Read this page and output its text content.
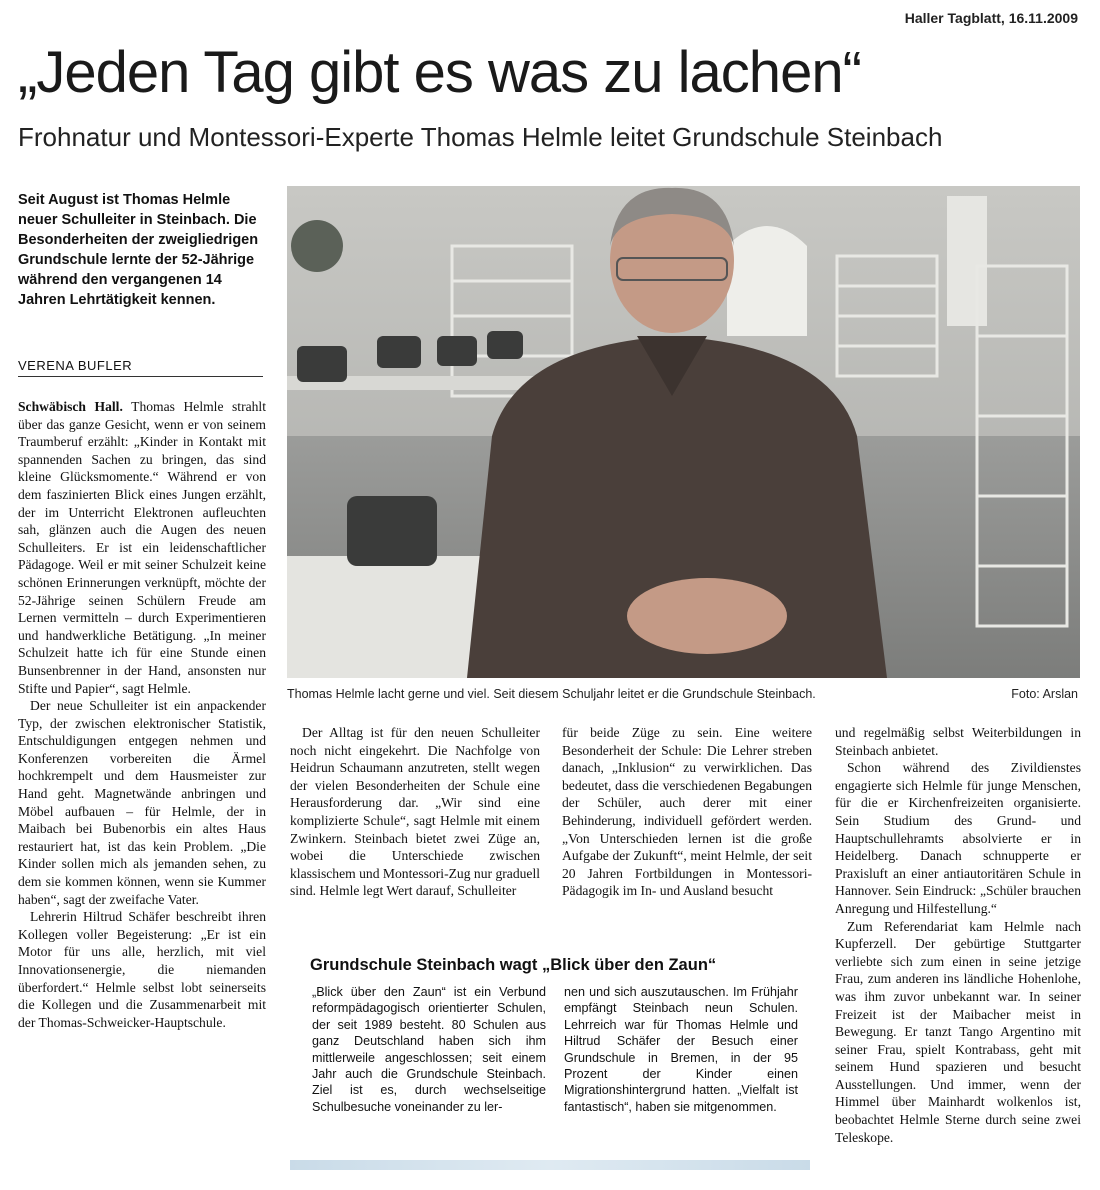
Haller Tagblatt, 16.11.2009
„Jeden Tag gibt es was zu lachen“
Frohnatur und Montessori-Experte Thomas Helmle leitet Grundschule Steinbach
Seit August ist Thomas Helmle neuer Schulleiter in Steinbach. Die Besonderheiten der zweigliedrigen Grundschule lernte der 52-Jährige während den vergangenen 14 Jahren Lehrtätigkeit kennen.
VERENA BUFLER

Schwäbisch Hall. Thomas Helmle strahlt über das ganze Gesicht, wenn er von seinem Traumberuf erzählt: „Kinder in Kontakt mit spannenden Sachen zu bringen, das sind kleine Glücksmomente.“ Während er von dem faszinierten Blick eines Jungen erzählt, der im Unterricht Elektronen aufleuchten sah, glänzen auch die Augen des neuen Schulleiters. Er ist ein leidenschaftlicher Pädagoge. Weil er mit seiner Schulzeit keine schönen Erinnerungen verknüpft, möchte der 52-Jährige seinen Schülern Freude am Lernen vermitteln – durch Experimentieren und handwerkliche Betätigung. „In meiner Schulzeit hatte ich für eine Stunde einen Bunsenbrenner in der Hand, ansonsten nur Stifte und Papier“, sagt Helmle.

Der neue Schulleiter ist ein anpackender Typ, der zwischen elektronischer Statistik, Entschuldigungen entgegen nehmen und Konferenzen vorbereiten die Ärmel hochkrempelt und dem Hausmeister zur Hand geht. Magnetwände anbringen und Möbel aufbauen – für Helmle, der in Maibach bei Bubenorbis ein altes Haus restauriert hat, ist das kein Problem. „Die Kinder sollen mich als jemanden sehen, zu dem sie kommen können, wenn sie Kummer haben“, sagt der zweifache Vater.

Lehrerin Hiltrud Schäfer beschreibt ihren Kollegen voller Begeisterung: „Er ist ein Motor für uns alle, herzlich, mit viel Innovationsenergie, die niemanden überfordert.“ Helmle selbst lobt seinerseits die Kollegen und die Zusammenarbeit mit der Thomas-Schweicker-Hauptschule.

Thomas Helmle lacht gerne und viel. Seit diesem Schuljahr leitet er die Grundschule Steinbach.	Foto: Arslan

Der Alltag ist für den neuen Schulleiter noch nicht eingekehrt. Die Nachfolge von Heidrun Schaumann anzutreten, stellt wegen der vielen Besonderheiten der Schule eine Herausforderung dar. „Wir sind eine komplizierte Schule“, sagt Helmle mit einem Zwinkern. Steinbach bietet zwei Züge an, wobei die Unterschiede zwischen klassischem und Montessori-Zug nur graduell sind. Helmle legt Wert darauf, Schulleiter

für beide Züge zu sein. Eine weitere Besonderheit der Schule: Die Lehrer streben danach, „Inklusion“ zu verwirklichen. Das bedeutet, dass die verschiedenen Begabungen der Schüler, auch derer mit einer Behinderung, individuell gefördert werden. „Von Unterschieden lernen ist die große Aufgabe der Zukunft“, meint Helmle, der seit 20 Jahren Fortbildungen in Montessori-Pädagogik im In- und Ausland besucht

und regelmäßig selbst Weiterbildungen in Steinbach anbietet.

Schon während des Zivildienstes engagierte sich Helmle für junge Menschen, für die er Kirchenfreizeiten organisierte. Sein Studium des Grund- und Hauptschullehramts absolvierte er in Heidelberg. Danach schnupperte er Praxisluft an einer antiautoritären Schule in Hannover. Sein Eindruck: „Schüler brauchen Anregung und Hilfestellung.“

Zum Referendariat kam Helmle nach Kupferzell. Der gebürtige Stuttgarter verliebte sich zum einen in seine jetzige Frau, zum anderen ins ländliche Hohenlohe, was ihm zuvor unbekannt war. In seiner Freizeit ist der Maibacher meist in Bewegung. Er tanzt Tango Argentino mit seiner Frau, spielt Kontrabass, geht mit seinem Hund spazieren und besucht Ausstellungen. Und immer, wenn der Himmel über Mainhardt wolkenlos ist, beobachtet Helmle Sterne durch seine zwei Teleskope.

Grundschule Steinbach wagt „Blick über den Zaun“

„Blick über den Zaun“ ist ein Verbund reformpädagogisch orientierter Schulen, der seit 1989 besteht. 80 Schulen aus ganz Deutschland haben sich ihm mittlerweile angeschlossen; seit einem Jahr auch die Grundschule Steinbach. Ziel ist es, durch wechselseitige Schulbesuche voneinander zu ler-

nen und sich auszutauschen. Im Frühjahr empfängt Steinbach neun Schulen. Lehrreich war für Thomas Helmle und Hiltrud Schäfer der Besuch einer Grundschule in Bremen, in der 95 Prozent der Kinder einen Migrationshintergrund hatten. „Vielfalt ist fantastisch“, haben sie mitgenommen.
